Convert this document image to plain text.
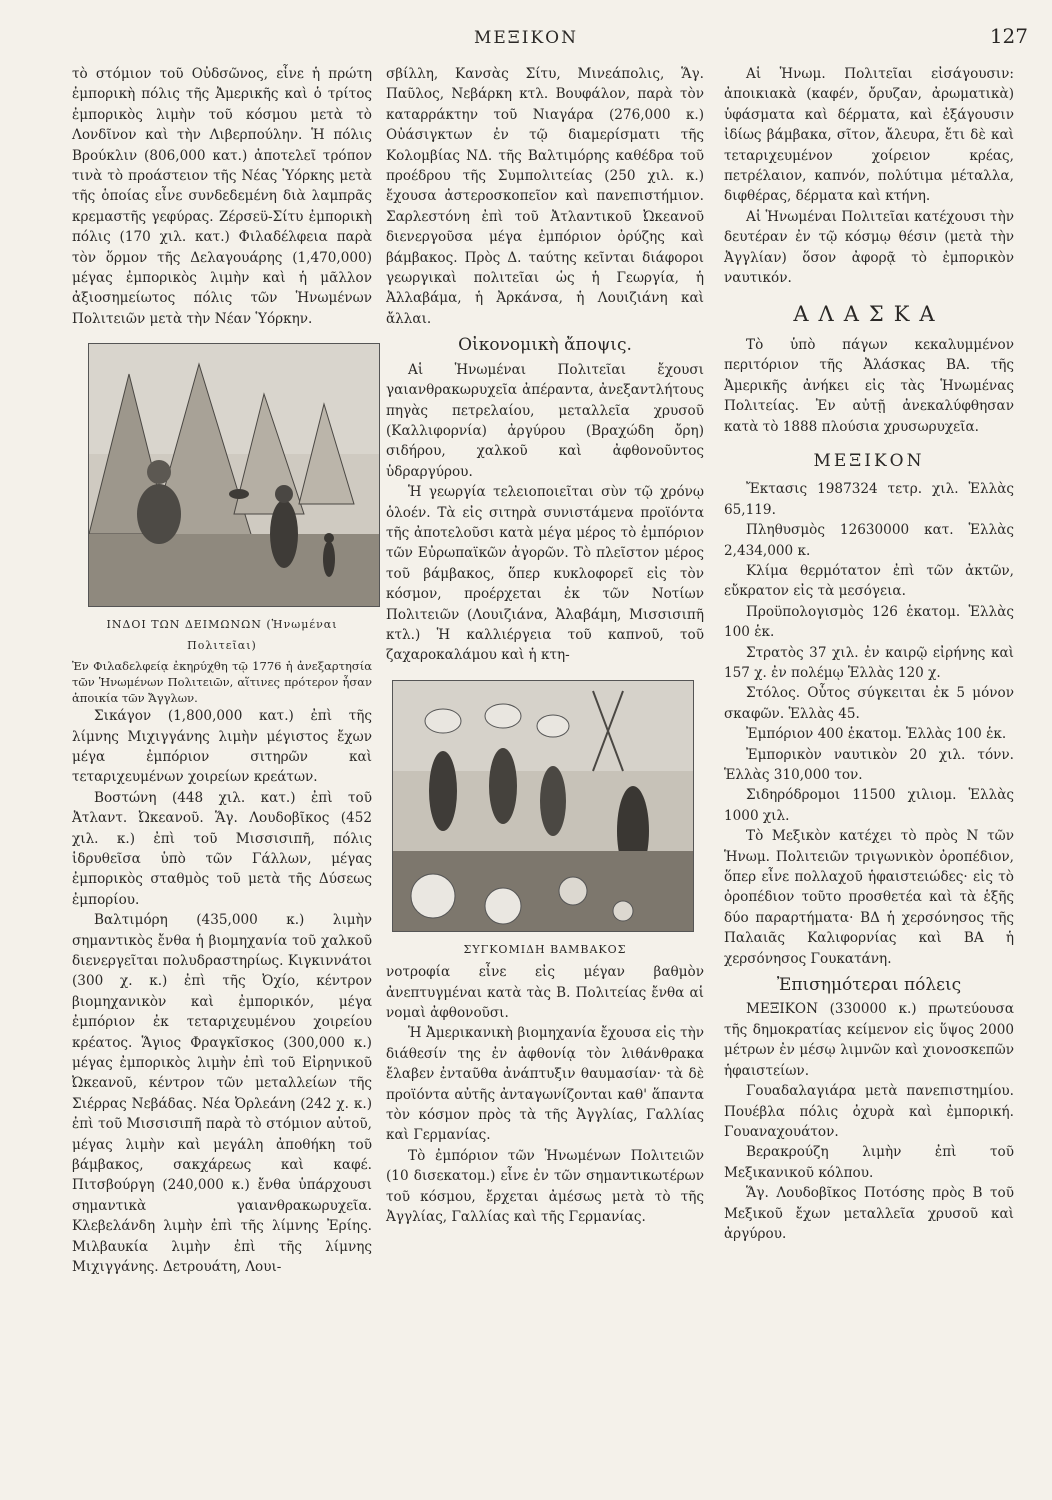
ΜΕΞΙΚΟΝ	127

τὸ στόμιον τοῦ Οὐδσῶνος, εἶνε ἡ πρώτη ἐμπορικὴ πόλις τῆς Ἀμερικῆς καὶ ὁ τρίτος ἐμπορικὸς λιμὴν τοῦ κόσμου μετὰ τὸ Λονδῖνον καὶ τὴν Λιβερπούλην. Ἡ πόλις Βρούκλιν (806,000 κατ.) ἀποτελεῖ τρόπον τινὰ τὸ προάστειον τῆς Νέας Ὑόρκης μετὰ τῆς ὁποίας εἶνε συνδεδεμένη διὰ λαμπρᾶς κρεμαστῆς γεφύρας. Ζέρσεϋ-Σίτυ ἐμπορικὴ πόλις (170 χιλ. κατ.) Φιλαδέλφεια παρὰ τὸν ὅρμον τῆς Δελαγουάρης (1,470,000) μέγας ἐμπορικὸς λιμὴν καὶ ἡ μᾶλλον ἀξιοσημείωτος πόλις τῶν Ἡνωμένων Πολιτειῶν μετὰ τὴν Νέαν Ὑόρκην.

ΙΝΔΟΙ ΤΩΝ ΔΕΙΜΩΝΩΝ (Ἡνωμέναι Πολιτεῖαι)

Ἐν Φιλαδελφείᾳ ἐκηρύχθη τῷ 1776 ἡ ἀνεξαρτησία τῶν Ἡνωμένων Πολιτειῶν, αἵτινες πρότερον ἦσαν ἀποικία τῶν Ἄγγλων.

Σικάγον (1,800,000 κατ.) ἐπὶ τῆς λίμνης Μιχιγγάνης λιμὴν μέγιστος ἔχων μέγα ἐμπόριον σιτηρῶν καὶ τεταριχευμένων χοιρείων κρεάτων.

Βοστώνη (448 χιλ. κατ.) ἐπὶ τοῦ Ἀτλαντ. Ὠκεανοῦ. Ἅγ. Λουδοβῖκος (452 χιλ. κ.) ἐπὶ τοῦ Μισσισιπῆ, πόλις ἱδρυθεῖσα ὑπὸ τῶν Γάλλων, μέγας ἐμπορικὸς σταθμὸς τοῦ μετὰ τῆς Δύσεως ἐμπορίου.

Βαλτιμόρη (435,000 κ.) λιμὴν σημαντικὸς ἔνθα ἡ βιομηχανία τοῦ χαλκοῦ διενεργεῖται πολυδραστηρίως. Κιγκιννάτοι (300 χ. κ.) ἐπὶ τῆς Ὀχίο, κέντρον βιομηχανικὸν καὶ ἐμπορικόν, μέγα ἐμπόριον ἐκ τεταριχευμένου χοιρείου κρέατος. Ἅγιος Φραγκῖσκος (300,000 κ.) μέγας ἐμπορικὸς λιμὴν ἐπὶ τοῦ Εἰρηνικοῦ Ὠκεανοῦ, κέντρον τῶν μεταλλείων τῆς Σιέρρας Νεβάδας. Νέα Ὀρλεάνη (242 χ. κ.) ἐπὶ τοῦ Μισσισιπῆ παρὰ τὸ στόμιον αὐτοῦ, μέγας λιμὴν καὶ μεγάλη ἀποθήκη τοῦ βάμβακος, σακχάρεως καὶ καφέ. Πιτσβούργη (240,000 κ.) ἔνθα ὑπάρχουσι σημαντικὰ γαιανθρακωρυχεῖα. Κλεβελάνδη λιμὴν ἐπὶ τῆς λίμνης Ἐρίης. Μιλβαυκία λιμὴν ἐπὶ τῆς λίμνης Μιχιγγάνης. Δετρουάτη, Λουι-

σβίλλη, Κανσὰς Σίτυ, Μινεάπολις, Ἅγ. Παῦλος, Νεβάρκη κτλ. Βουφάλον, παρὰ τὸν καταρράκτην τοῦ Νιαγάρα (276,000 κ.) Οὐάσιγκτων ἐν τῷ διαμερίσματι τῆς Κολομβίας ΝΔ. τῆς Βαλτιμόρης καθέδρα τοῦ προέδρου τῆς Συμπολιτείας (250 χιλ. κ.) ἔχουσα ἀστεροσκοπεῖον καὶ πανεπιστήμιον. Σαρλεστόνη ἐπὶ τοῦ Ἀτλαντικοῦ Ὠκεανοῦ διενεργοῦσα μέγα ἐμπόριον ὀρύζης καὶ βάμβακος. Πρὸς Δ. ταύτης κεῖνται διάφοροι γεωργικαὶ πολιτεῖαι ὡς ἡ Γεωργία, ἡ Ἀλλαβάμα, ἡ Ἀρκάνσα, ἡ Λουιζιάνη καὶ ἄλλαι.

Οἰκονομικὴ ἄποψις.

Αἱ Ἡνωμέναι Πολιτεῖαι ἔχουσι γαιανθρακωρυχεῖα ἀπέραντα, ἀνεξαντλήτους πηγὰς πετρελαίου, μεταλλεῖα χρυσοῦ (Καλλιφορνία) ἀργύρου (Βραχώδη ὄρη) σιδήρου, χαλκοῦ καὶ ἀφθονοῦντος ὑδραργύρου.

Ἡ γεωργία τελειοποιεῖται σὺν τῷ χρόνῳ ὁλοέν. Τὰ εἰς σιτηρὰ συνιστάμενα προϊόντα τῆς ἀποτελοῦσι κατὰ μέγα μέρος τὸ ἐμπόριον τῶν Εὐρωπαϊκῶν ἀγορῶν. Τὸ πλεῖστον μέρος τοῦ βάμβακος, ὅπερ κυκλοφορεῖ εἰς τὸν κόσμον, προέρχεται ἐκ τῶν Νοτίων Πολιτειῶν (Λουιζιάνα, Ἀλαβάμη, Μισσισιπῆ κτλ.) Ἡ καλλιέργεια τοῦ καπνοῦ, τοῦ ζαχαροκαλάμου καὶ ἡ κτη-

ΣΥΓΚΟΜΙΔΗ ΒΑΜΒΑΚΟΣ

νοτροφία εἶνε εἰς μέγαν βαθμὸν ἀνεπτυγμέναι κατὰ τὰς Β. Πολιτείας ἔνθα αἱ νομαὶ ἀφθονοῦσι.

Ἡ Ἀμερικανικὴ βιομηχανία ἔχουσα εἰς τὴν διάθεσίν της ἐν ἀφθονίᾳ τὸν λιθάνθρακα ἔλαβεν ἐνταῦθα ἀνάπτυξιν θαυμασίαν· τὰ δὲ προϊόντα αὐτῆς ἀνταγωνίζονται καθ' ἅπαντα τὸν κόσμον πρὸς τὰ τῆς Ἀγγλίας, Γαλλίας καὶ Γερμανίας.

Τὸ ἐμπόριον τῶν Ἡνωμένων Πολιτειῶν (10 δισεκατομ.) εἶνε ἐν τῶν σημαντικωτέρων τοῦ κόσμου, ἔρχεται ἀμέσως μετὰ τὸ τῆς Ἀγγλίας, Γαλλίας καὶ τῆς Γερμανίας.

Αἱ Ἡνωμ. Πολιτεῖαι εἰσάγουσιν: ἀποικιακὰ (καφέν, ὄρυζαν, ἀρωματικὰ) ὑφάσματα καὶ δέρματα, καὶ ἐξάγουσιν ἰδίως βάμβακα, σῖτον, ἄλευρα, ἔτι δὲ καὶ τεταριχευμένον χοίρειον κρέας, πετρέλαιον, καπνόν, πολύτιμα μέταλλα, διφθέρας, δέρματα καὶ κτήνη.

Αἱ Ἡνωμέναι Πολιτεῖαι κατέχουσι τὴν δευτέραν ἐν τῷ κόσμῳ θέσιν (μετὰ τὴν Ἀγγλίαν) ὅσον ἀφορᾷ τὸ ἐμπορικὸν ναυτικόν.

ΑΛΑΣΚΑ

Τὸ ὑπὸ πάγων κεκαλυμμένον περιτόριον τῆς Ἀλάσκας ΒΑ. τῆς Ἀμερικῆς ἀνήκει εἰς τὰς Ἡνωμένας Πολιτείας. Ἐν αὐτῇ ἀνεκαλύφθησαν κατὰ τὸ 1888 πλούσια χρυσωρυχεῖα.

ΜΕΞΙΚΟΝ

Ἔκτασις 1987324 τετρ. χιλ. Ἑλλὰς 65,119.

Πληθυσμὸς 12630000 κατ. Ἑλλὰς 2,434,000 κ.

Κλίμα θερμότατον ἐπὶ τῶν ἀκτῶν, εὔκρατον εἰς τὰ μεσόγεια.

Προϋπολογισμὸς 126 ἑκατομ. Ἑλλὰς 100 ἑκ.

Στρατὸς 37 χιλ. ἐν καιρῷ εἰρήνης καὶ 157 χ. ἐν πολέμῳ Ἑλλὰς 120 χ.

Στόλος. Οὗτος σύγκειται ἐκ 5 μόνον σκαφῶν. Ἑλλὰς 45.

Ἐμπόριον 400 ἑκατομ. Ἑλλὰς 100 ἑκ.

Ἐμπορικὸν ναυτικὸν 20 χιλ. τόνν. Ἑλλὰς 310,000 τον.

Σιδηρόδρομοι 11500 χιλιομ. Ἑλλὰς 1000 χιλ.

Τὸ Μεξικὸν κατέχει τὸ πρὸς Ν τῶν Ἡνωμ. Πολιτειῶν τριγωνικὸν ὀροπέδιον, ὅπερ εἶνε πολλαχοῦ ἡφαιστειώδες· εἰς τὸ ὀροπέδιον τοῦτο προσθετέα καὶ τὰ ἑξῆς δύο παραρτήματα· ΒΔ ἡ χερσόνησος τῆς Παλαιᾶς Καλιφορνίας καὶ ΒΑ ἡ χερσόνησος Γουκατάνη.

Ἐπισημότεραι πόλεις

ΜΕΞΙΚΟΝ (330000 κ.) πρωτεύουσα τῆς δημοκρατίας κείμενον εἰς ὕψος 2000 μέτρων ἐν μέσῳ λιμνῶν καὶ χιονοσκεπῶν ἡφαιστείων.

Γουαδαλαγιάρα μετὰ πανεπιστημίου. Πουέβλα πόλις ὀχυρὰ καὶ ἐμπορική. Γουαναχουάτον.

Βερακρούζη λιμὴν ἐπὶ τοῦ Μεξικανικοῦ κόλπου.

Ἅγ. Λουδοβῖκος Ποτόσης πρὸς Β τοῦ Μεξικοῦ ἔχων μεταλλεῖα χρυσοῦ καὶ ἀργύρου.
